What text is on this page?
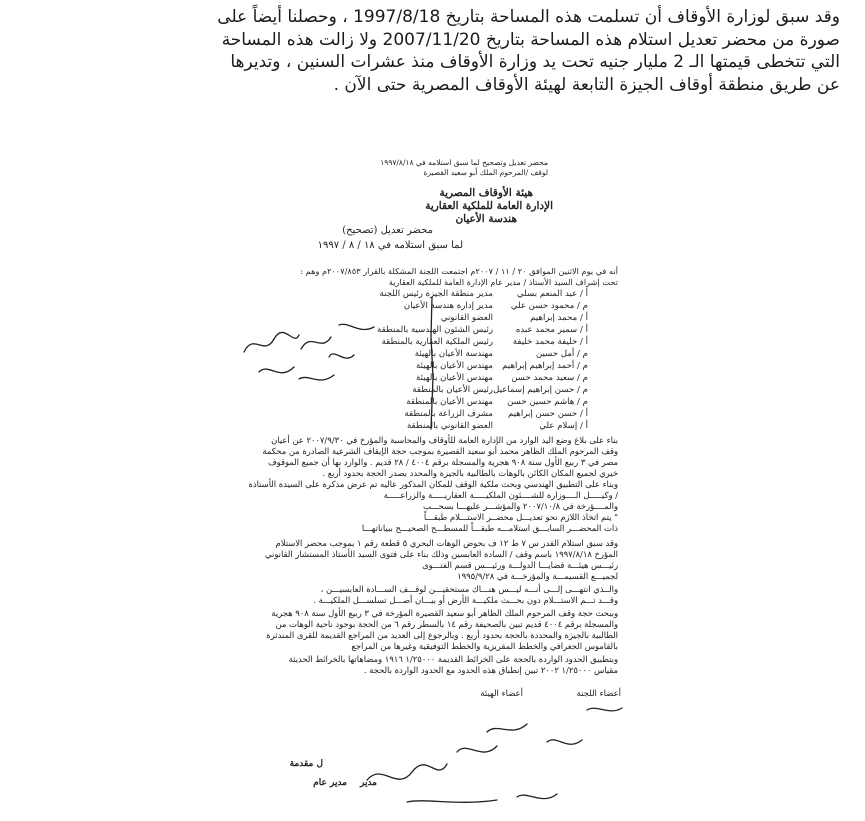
وقد سبق لوزارة الأوقاف أن تسلمت هذه المساحة بتاريخ 1997/8/18 ، وحصلنا أيضاً على

صورة من محضر تعديل استلام هذه المساحة بتاريخ 2007/11/20 ولا زالت هذه المساحة

التي تتخطى قيمتها الـ 2 مليار جنيه تحت يد وزارة الأوقاف منذ عشرات السنين ، وتديرها

عن طريق منطقة أوقاف الجيزة التابعة لهيئة الأوقاف المصرية حتى الآن .

محضر تعديل وتصحيح لما سبق استلامه في ١٩٩٧/٨/١٨
لوقف /المرحوم الملك أبو سعيد القصيرة
هيئة الأوقاف المصرية
الإدارة العامة للملكية العقارية
هندسة الأعيان
محضر تعديل (تصحيح)
لما سبق استلامه في ١٨ / ٨ / ١٩٩٧
أنه في يوم الاثنين الموافق ٢٠ / ١١ / ٢٠٠٧م اجتمعت اللجنة المشكلة بالقرار ٢٠٠٧/٨٥٣م وهم :
تحت إشراف السيد الأستاذ / مدير عام الإدارة العامة للملكية العقارية
أ / عبد المنعم بسلي
مدير منطقة الجيزة رئيس اللجنة
م / محمود حسن علي
مدير إدارة هندسة الأعيان
أ / محمد إبراهيم
العضو القانوني
أ / سمير محمد عبده
رئيس الشئون الهندسية بالمنطقة
أ / خليفة محمد خليفة
رئيس الملكية العقارية بالمنطقة
م / أمل حسين
مهندسة الأعيان بالهيئة
م / أحمد إبراهيم إبراهيم
مهندس الأعيان بالهيئة
م / سعيد محمد حسن
مهندس الأعيان بالهيئة
م / حسن إبراهيم إسماعيل
رئيس الأعيان بالمنطقة
م / هاشم حسين حسن
مهندس الأعيان بالمنطقة
أ / حسن حسن إبراهيم
مشرف الزراعة بالمنطقة
أ / إسلام علي
العضو القانوني بالمنطقة
بناء على بلاغ وضع اليد الوارد من الإدارة العامة للأوقاف والمحاسبة والمؤرخ في ٢٠٠٧/٩/٣٠ عن أعيان
وقف المرحوم الملك الظاهر محمد أبو سعيد القصيرة بموجب حجة الإيقاف الشرعية الصادرة من محكمة
مصر في ٣ ربيع الأول سنة ٩٠٨ هجرية والمسجلة برقم ٤٠٠٤ / ٢٨ قديم . والوارد بها أن جميع الموقوف
خيري لجميع المكان الكائن بالوهات بالطالبية بالجيزة والمحدد بصدر الحجة بحدود أربع .
وبناء على التطبيق الهندسي وبحث ملكية الوقف للمكان المذكور عاليه تم عرض مذكرة على السيدة الأستاذة
/ وكيـــــل الــــوزارة للشــــئون الملكيـــــة العقاريـــــة والزراعـــــة
والمــــؤرخة في ٢٠٠٧/١٠/٨ والمؤشـــر عليهـــا بسحـــب
" يتم اتخاذ اللازم نحو تعديـــل محضــر الاستـــلام طبقـــاً
ذات المحضـــر السابـــق استلامـــه طبقـــاً للمسطـــح الصحيـــح ببياناتهـــا
وقد سبق استلام القدر س ٧ ط ١٢ ف بحوض الوهات البحري ٥ قطعة رقم ١ بموجب محضر الاستلام
المؤرخ ١٩٩٧/٨/١٨ باسم وقف / السادة العابسين وذلك بناء على فتوى السيد الأستاذ المستشار القانوني
رئيـــس هيئـــة قضايـــا الدولـــة ورئيـــس قسم الفتـــوى
لجميـــع القسيمـــة والمؤرخـــة في ١٩٩٥/٩/٢٨
والــذي انتهـــى إلـــى أنـــه ليـــس هنـــاك مستحقيـــن لوقـــف الســـادة العابسيـــن ،
وقـــد تـــم الاستـــلام دون بحـــث ملكيـــة الأرض أو بيـــان أصـــل تسلســـل الملكيـــة .
وببحث حجة وقف المرحوم الملك الظاهر أبو سعيد القصيرة المؤرخة في ٣ ربيع الأول سنة ٩٠٨ هجرية
والمسجلة برقم ٤٠٠٤ قديم تبين بالصحيفة رقم ١٤ بالسطر رقم ٦ من الحجة بوجود ناحية الوهات من
الطالبية بالجيزة والمحددة بالحجة بحدود أربع . وبالرجوع إلى العديد من المراجع القديمة للقرى المندثرة
بالقاموس الجغرافي والخطط المقريزية والخطط التوفيقية وغيرها من المراجع
وبتطبيق الحدود الواردة بالحجة على الخرائط القديمة ١/٢٥٠٠٠ ١٩١٦ ومضاهاتها بالخرائط الحديثة
مقياس ١/٢٥٠٠٠ ٢٠٠٢ تبين إنطباق هذه الحدود مع الحدود الواردة بالحجة .
أعضاء اللجنة
أعضاء الهيئة
مدير عام
ل مقدمة
مدير
